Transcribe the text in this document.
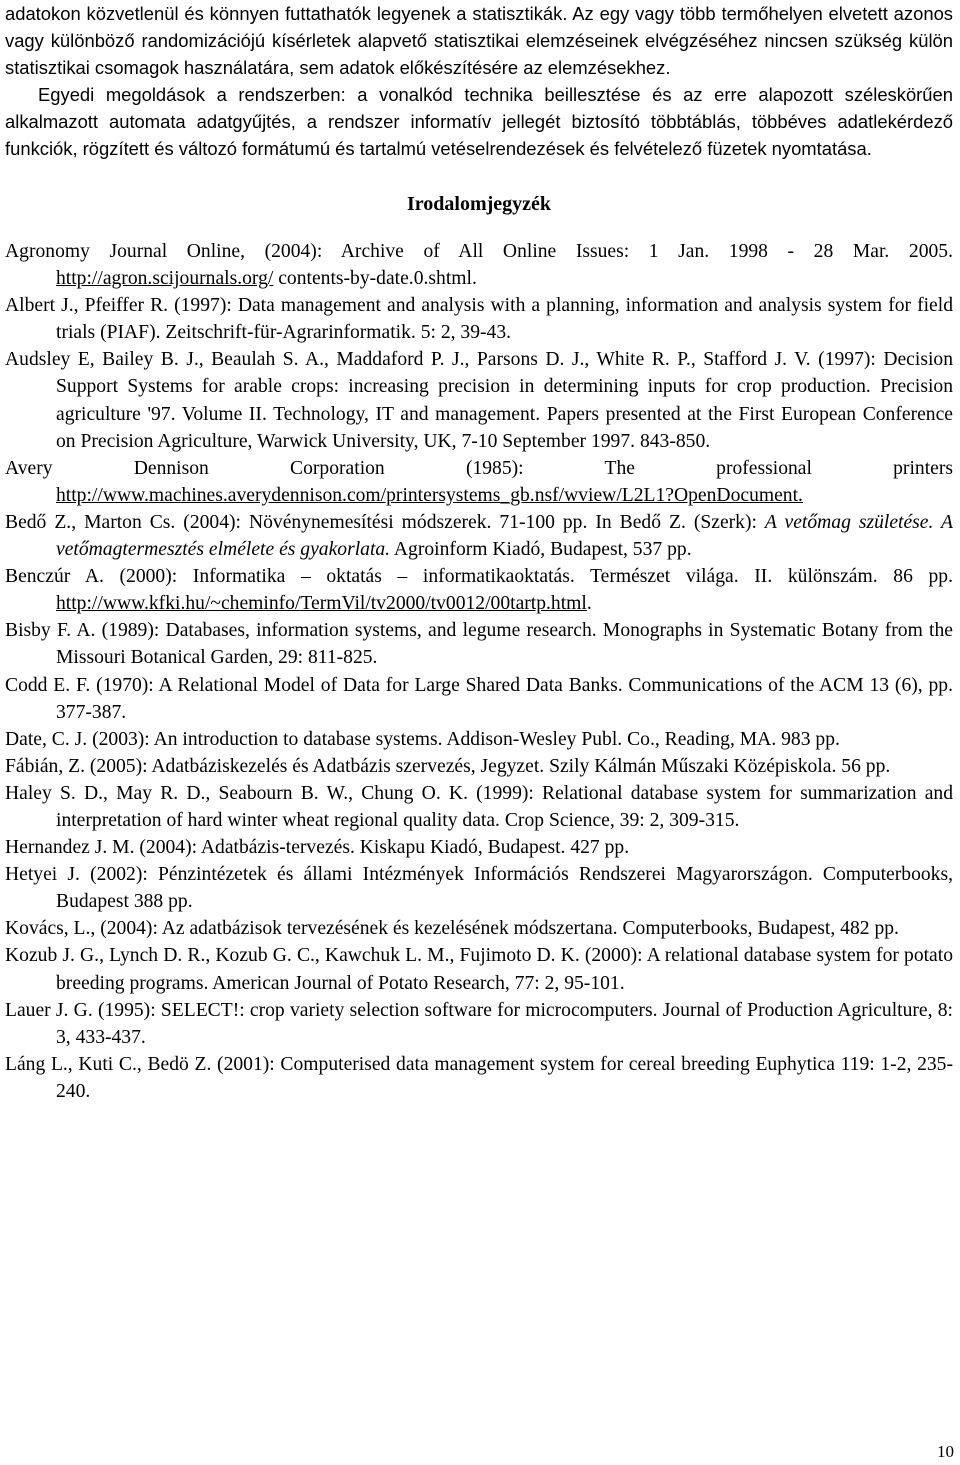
adatokon közvetlenül és könnyen futtathatók legyenek a statisztikák. Az egy vagy több termőhelyen elvetett azonos vagy különböző randomizációjú kísérletek alapvető statisztikai elemzéseinek elvégzéséhez nincsen szükség külön statisztikai csomagok használatára, sem adatok előkészítésére az elemzésekhez.

Egyedi megoldások a rendszerben: a vonalkód technika beillesztése és az erre alapozott széleskörűen alkalmazott automata adatgyűjtés, a rendszer informatív jellegét biztosító többtáblás, többéves adatlekérdező funkciók, rögzített és változó formátumú és tartalmú vetéselrendezések és felvételező füzetek nyomtatása.

Irodalomjegyzék
Agronomy Journal Online, (2004): Archive of All Online Issues: 1 Jan. 1998 - 28 Mar. 2005. http://agron.scijournals.org/ contents-by-date.0.shtml.
Albert J., Pfeiffer R. (1997): Data management and analysis with a planning, information and analysis system for field trials (PIAF). Zeitschrift-für-Agrarinformatik. 5: 2, 39-43.
Audsley E, Bailey B. J., Beaulah S. A., Maddaford P. J., Parsons D. J., White R. P., Stafford J. V. (1997): Decision Support Systems for arable crops: increasing precision in determining inputs for crop production. Precision agriculture '97. Volume II. Technology, IT and management. Papers presented at the First European Conference on Precision Agriculture, Warwick University, UK, 7-10 September 1997. 843-850.
Avery Dennison Corporation (1985): The professional printers http://www.machines.averydennison.com/printersystems_gb.nsf/wview/L2L1?OpenDocument.
Bedő Z., Marton Cs. (2004): Növénynemesítési módszerek. 71-100 pp. In Bedő Z. (Szerk): A vetőmag születése. A vetőmagtermesztés elmélete és gyakorlata. Agroinform Kiadó, Budapest, 537 pp.
Benczúr A. (2000): Informatika – oktatás – informatikaoktatás. Természet világa. II. különszám. 86 pp. http://www.kfki.hu/~cheminfo/TermVil/tv2000/tv0012/00tartp.html.
Bisby F. A. (1989): Databases, information systems, and legume research. Monographs in Systematic Botany from the Missouri Botanical Garden, 29: 811-825.
Codd E. F. (1970): A Relational Model of Data for Large Shared Data Banks. Communications of the ACM 13 (6), pp. 377-387.
Date, C. J. (2003): An introduction to database systems. Addison-Wesley Publ. Co., Reading, MA. 983 pp.
Fábián, Z. (2005): Adatbáziskezelés és Adatbázis szervezés, Jegyzet. Szily Kálmán Műszaki Középiskola. 56 pp.
Haley S. D., May R. D., Seabourn B. W., Chung O. K. (1999): Relational database system for summarization and interpretation of hard winter wheat regional quality data. Crop Science, 39: 2, 309-315.
Hernandez J. M. (2004): Adatbázis-tervezés. Kiskapu Kiadó, Budapest. 427 pp.
Hetyei J. (2002): Pénzintézetek és állami Intézmények Információs Rendszerei Magyarországon. Computerbooks, Budapest 388 pp.
Kovács, L., (2004): Az adatbázisok tervezésének és kezelésének módszertana. Computerbooks, Budapest, 482 pp.
Kozub J. G., Lynch D. R., Kozub G. C., Kawchuk L. M., Fujimoto D. K. (2000): A relational database system for potato breeding programs. American Journal of Potato Research, 77: 2, 95-101.
Lauer J. G. (1995): SELECT!: crop variety selection software for microcomputers. Journal of Production Agriculture, 8: 3, 433-437.
Láng L., Kuti C., Bedö Z. (2001): Computerised data management system for cereal breeding Euphytica 119: 1-2, 235-240.
10
